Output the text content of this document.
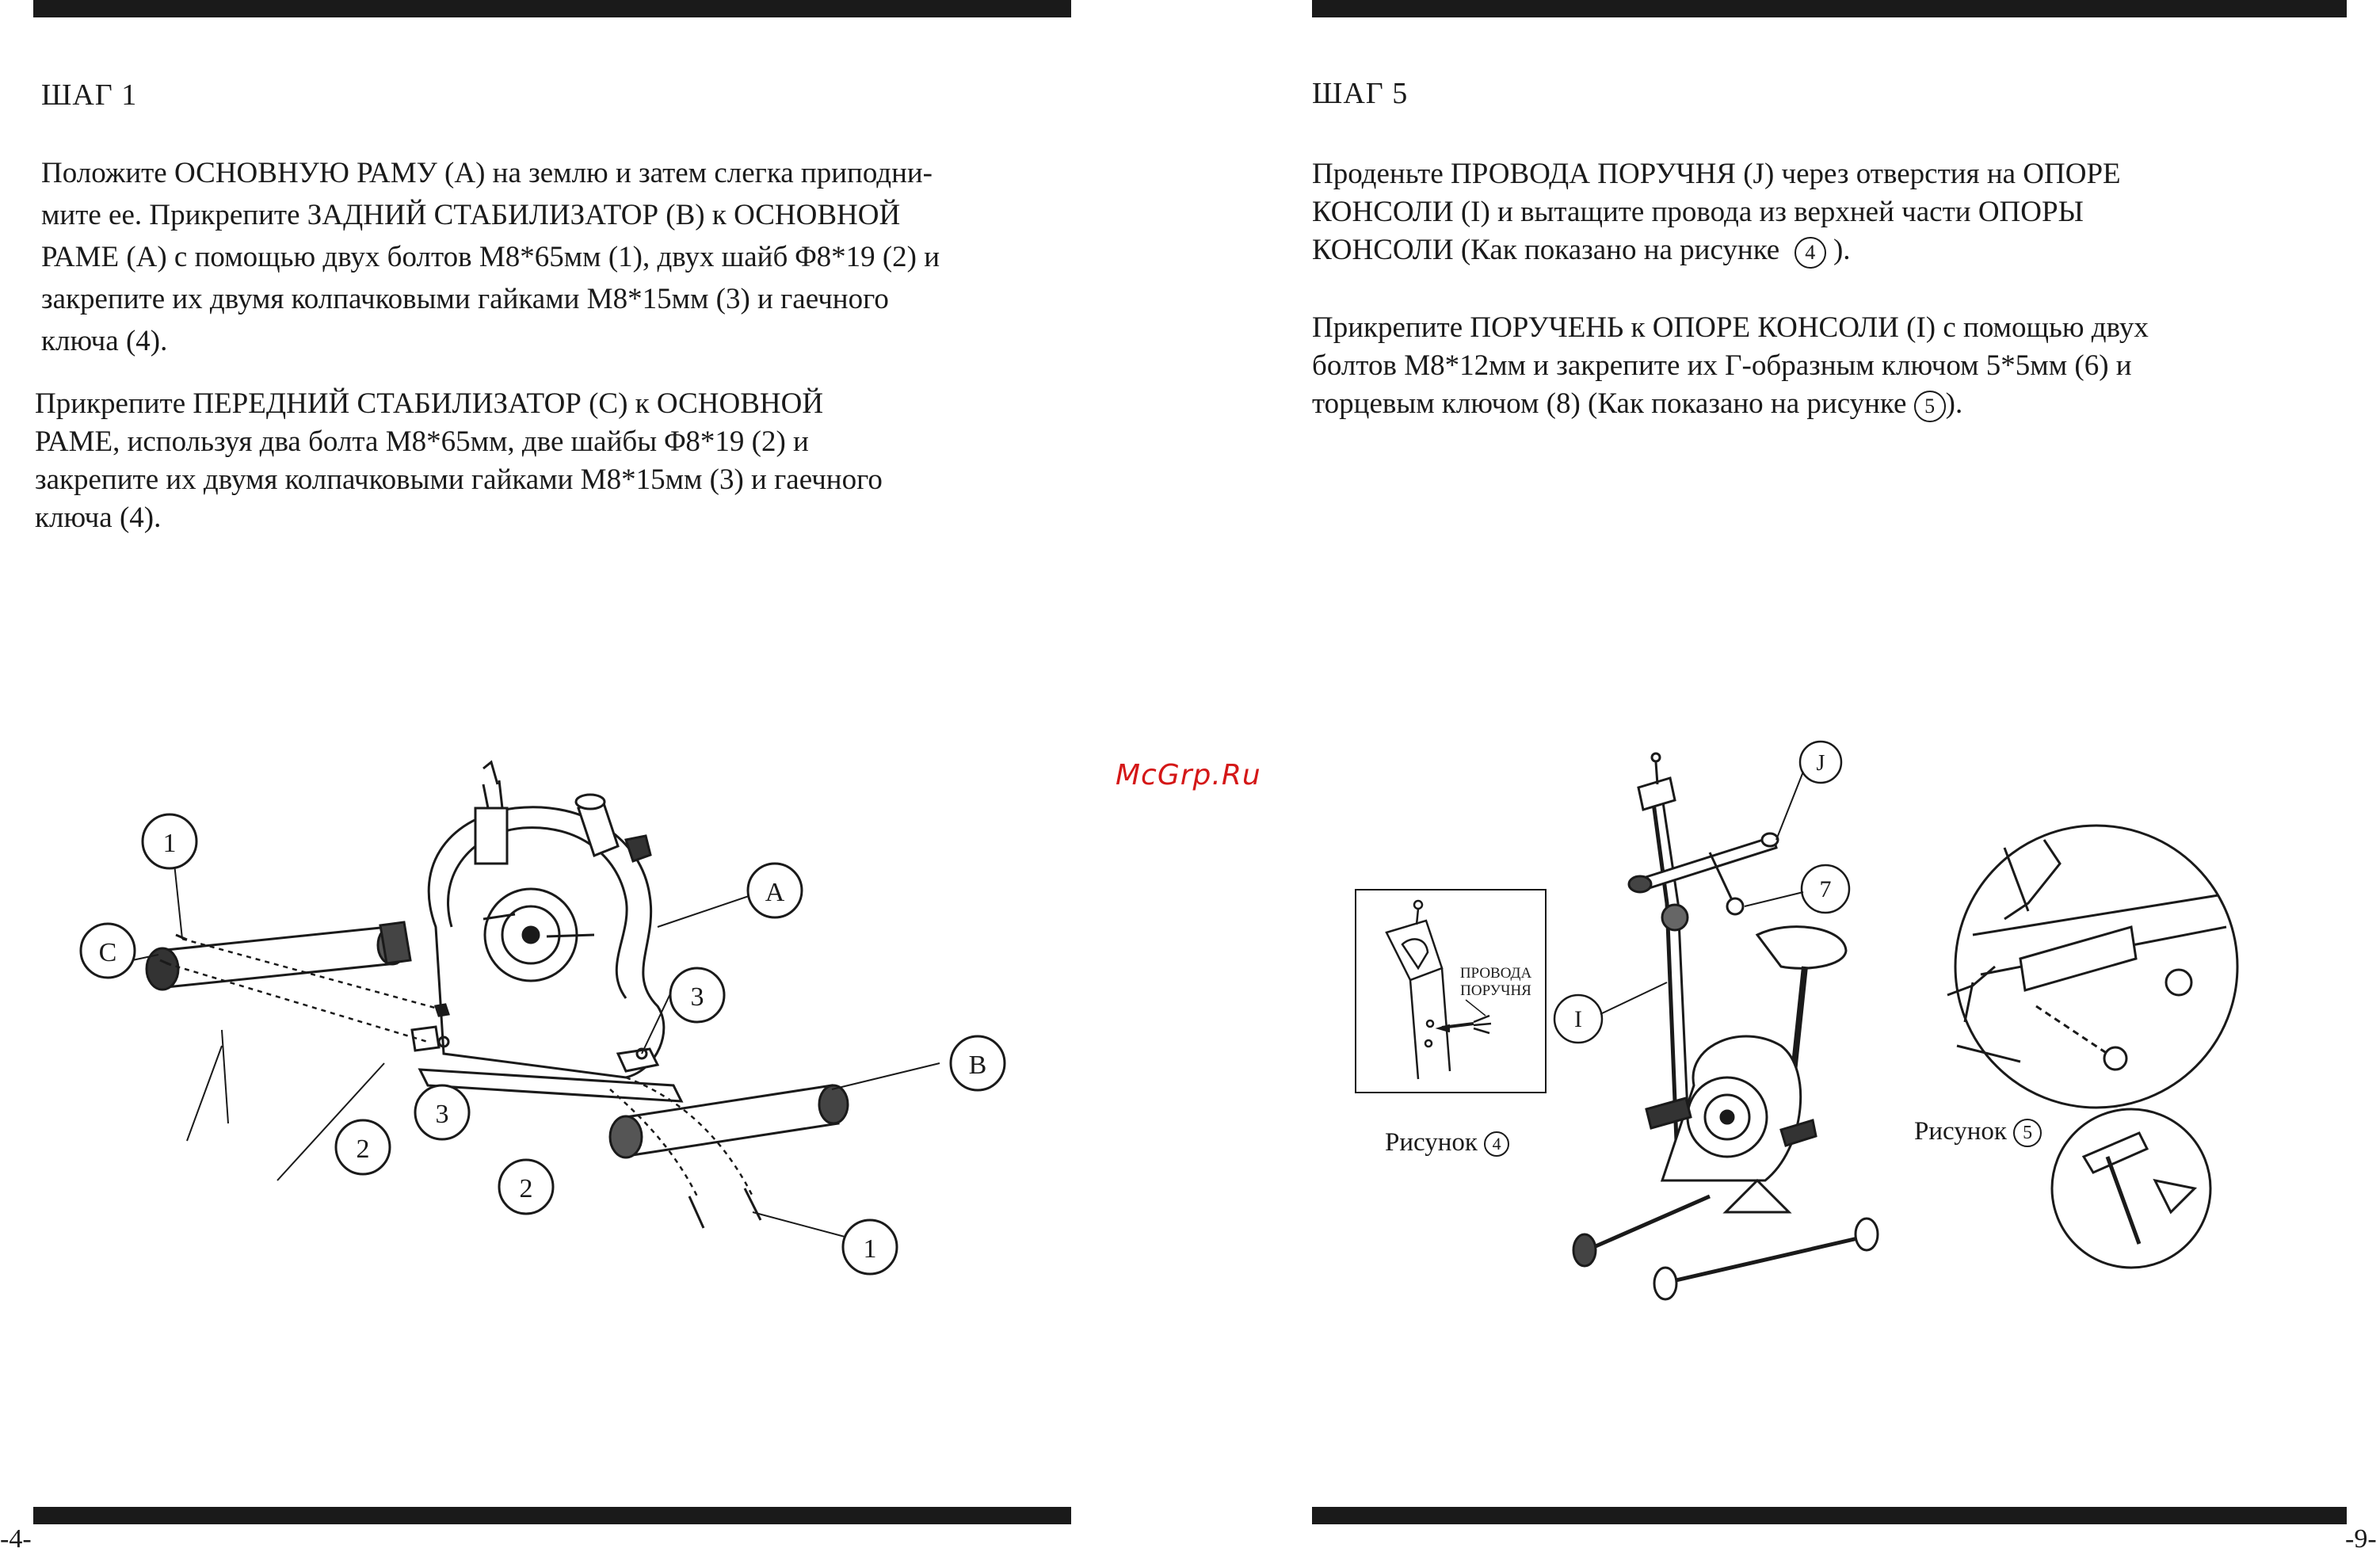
ШАГ 1
Положите ОСНОВНУЮ РАМУ (A) на землю и затем слегка приподни-
мите ее. Прикрепите ЗАДНИЙ СТАБИЛИЗАТОР (B) к ОСНОВНОЙ
РАМЕ (A) с помощью двух болтов М8*65мм (1), двух шайб Φ8*19 (2) и
закрепите их двумя колпачковыми гайками М8*15мм (3) и гаечного
ключа (4).
Прикрепите ПЕРЕДНИЙ СТАБИЛИЗАТОР (C) к ОСНОВНОЙ
РАМЕ, используя два болта М8*65мм, две шайбы Φ8*19 (2) и
закрепите их двумя колпачковыми гайками М8*15мм (3) и гаечного
ключа (4).
1
C
A
3
B
3
2
2
1
-4-
McGrp.Ru
ШАГ 5
Проденьте ПРОВОДА ПОРУЧНЯ (J) через отверстия на ОПОРЕ
КОНСОЛИ (I) и вытащите провода из верхней части ОПОРЫ
КОНСОЛИ (Как показано на рисунке 4 ).
Прикрепите ПОРУЧЕНЬ к ОПОРЕ КОНСОЛИ (I) с помощью двух
болтов М8*12мм и закрепите их Г-образным ключом 5*5мм (6) и
торцевым ключом (8) (Как показано на рисунке 5 ).
ПРОВОДА
ПОРУЧНЯ
Рисунок 4
J
7
I
Рисунок 5
-9-
